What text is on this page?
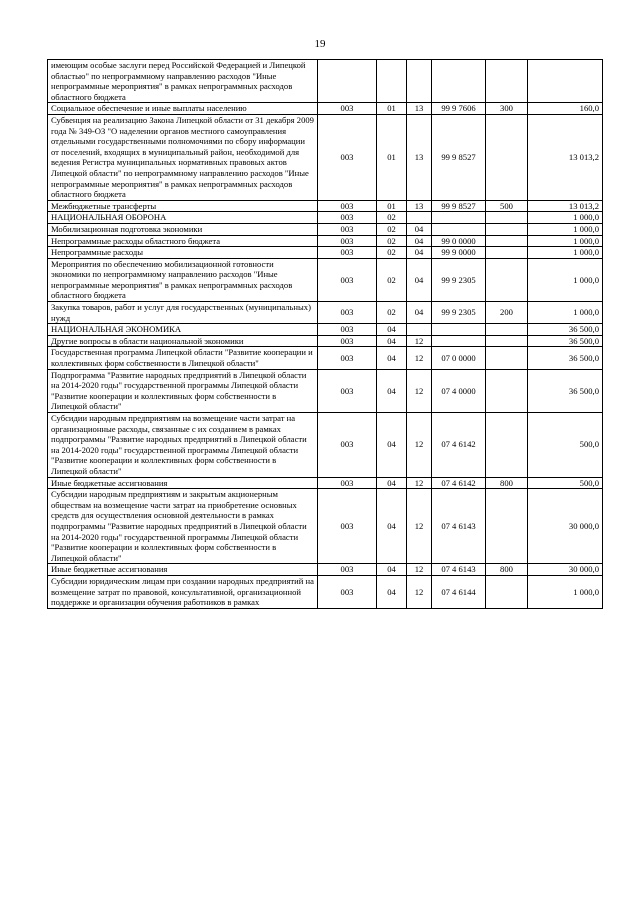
19
имеющим особые заслуги перед Российской Федерацией и Липецкой областью" по непрограммному направлению расходов "Иные непрограммные мероприятия" в рамках непрограммных расходов областного бюджета						
Социальное обеспечение и иные выплаты населению	003	01	13	99 9 7606	300	160,0
Субвенция на реализацию Закона Липецкой области от 31 декабря 2009 года № 349-ОЗ "О наделении органов местного самоуправления отдельными государственными полномочиями по сбору информации от поселений, входящих в муниципальный район, необходимой для ведения Регистра муниципальных нормативных правовых актов Липецкой области" по непрограммному направлению расходов "Иные непрограммные мероприятия" в рамках непрограммных расходов областного бюджета	003	01	13	99 9 8527		13 013,2
Межбюджетные трансферты	003	01	13	99 9 8527	500	13 013,2
НАЦИОНАЛЬНАЯ ОБОРОНА	003	02				1 000,0
Мобилизационная подготовка экономики	003	02	04			1 000,0
Непрограммные расходы областного бюджета	003	02	04	99 0 0000		1 000,0
Непрограммные расходы	003	02	04	99 9 0000		1 000,0
Мероприятия по обеспечению мобилизационной готовности экономики по непрограммному направлению расходов "Иные непрограммные мероприятия" в рамках непрограммных расходов областного бюджета	003	02	04	99 9 2305		1 000,0
Закупка товаров, работ и услуг для государственных (муниципальных) нужд	003	02	04	99 9 2305	200	1 000,0
НАЦИОНАЛЬНАЯ ЭКОНОМИКА	003	04				36 500,0
Другие вопросы в области национальной экономики	003	04	12			36 500,0
Государственная программа Липецкой области "Развитие кооперации и коллективных форм собственности в Липецкой области"	003	04	12	07 0 0000		36 500,0
Подпрограмма "Развитие народных предприятий в Липецкой области на 2014-2020 годы" государственной программы Липецкой области "Развитие кооперации и коллективных форм собственности в Липецкой области"	003	04	12	07 4 0000		36 500,0
Субсидии народным предприятиям на возмещение части затрат на организационные расходы, связанные с их созданием в рамках подпрограммы "Развитие народных предприятий в Липецкой области на 2014-2020 годы" государственной программы Липецкой области "Развитие кооперации и коллективных форм собственности в Липецкой области"	003	04	12	07 4 6142		500,0
Иные бюджетные ассигнования	003	04	12	07 4 6142	800	500,0
Субсидии народным предприятиям и закрытым акционерным обществам на возмещение части затрат на приобретение основных средств для осуществления основной деятельности в рамках подпрограммы "Развитие народных предприятий в Липецкой области на 2014-2020 годы" государственной программы Липецкой области "Развитие кооперации и коллективных форм собственности в Липецкой области"	003	04	12	07 4 6143		30 000,0
Иные бюджетные ассигнования	003	04	12	07 4 6143	800	30 000,0
Субсидии юридическим лицам при создании народных предприятий на возмещение затрат по правовой, консультативной, организационной поддержке и организации обучения работников в рамках	003	04	12	07 4 6144		1 000,0
